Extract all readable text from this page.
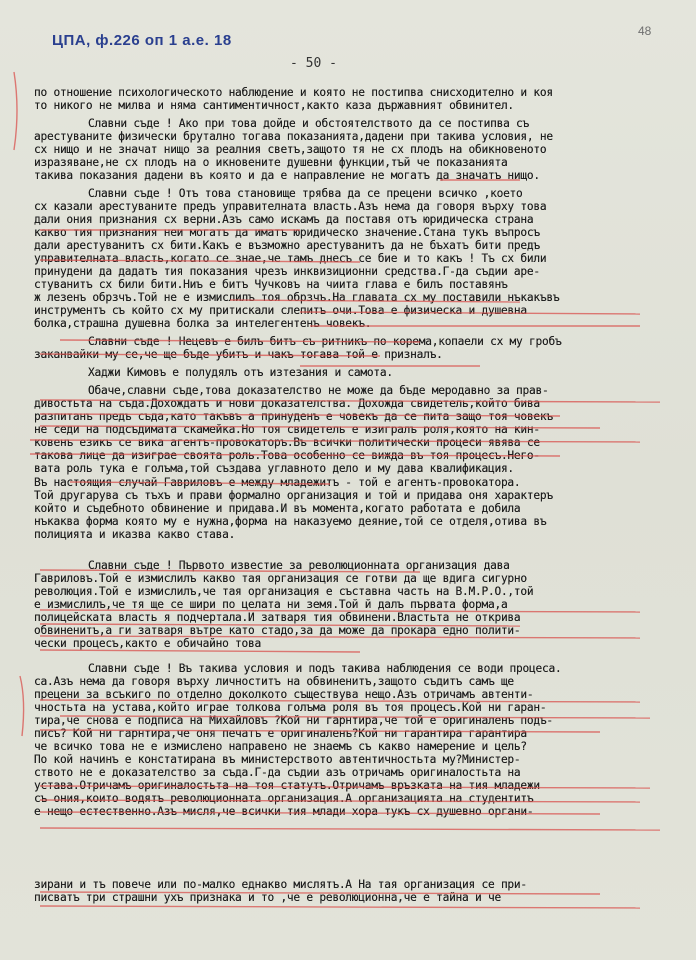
ЦПА, ф.226 оп 1 а.е. 18
48
- 50 -
по отношение психологическото наблюдение и която не постипва снисходително и коя
то никого не милва и няма сантиментичност,както каза държавният обвинител.
Славни съде ! Ако при това дойде и обстоятелството да се постипва съ
арестуваните физически брутално тогава показанията,дадени при такива условия, не
сх нищо и не значат нищо за реалния светъ,защото тя не сх плодъ на обикновеното
изразяване,не сх плодъ на о икновените душевни функции,тъй че показанията
такива показания дадени въ която и да е направление не могатъ да значатъ нищо.
Славни съде ! Отъ това становище трябва да се прецени всичко ,което
сх казали арестуваните предъ управителната власть.Азъ нема да говоря върху това
дали ония признания сх верни.Азъ само искамъ да поставя отъ юридическа страна
какво тия признания неи могатъ да иматъ юридическо значение.Стана тукъ въпросъ
дали арестуванитъ сх бити.Какъ е възможно арестуванитъ да не бъхатъ бити предъ
управителната власть,когато се знае,че тамъ днесъ се бие и то какъ ! Тъ сх били
принудени да дадатъ тия показания чрезъ инквизиционни средства.Г-да съдии аре-
стуванитъ сх били бити.Ниъ е битъ Чучковъ на чиита глава е билъ поставянъ
ж лезенъ обрзчъ.Той не е измислилъ тоя обрзчъ.На главата сх му поставили нъкакъвъ
инструментъ съ който сх му притискали слепитъ очи.Това е физическа и душевна
болка,страшна душевна болка за интелегентенъ човекъ.
Славни съде ! Нецевъ е билъ битъ съ ритникъ по корема,копаели сх му гробъ
заканвайки му се,че ще бъде убитъ и чакъ тогава той е призналъ.
Хаджи Кимовъ е полудялъ отъ изтезания и самота.
Обаче,славни съде,това доказателство не може да бъде меродавно за прав-
дивостьта на съда.Дохождатъ и нови доказателства. Дохожда свидетель,който бива
разпитанъ предъ съда,като такъвъ а принуденъ е човекъ да се пита защо тоя човекъ
не седи на подсъдимата скамейка.Но тоя свидетель е изигралъ роля,която на кин-
ковенъ езикъ се вика агентъ-провокаторъ.Въ всички политически процеси явява се
такова лице да изиграе своята роль.Това особенно се вижда въ тоя процесъ.Него-
вата роль тука е голъма,той създава углавното дело и му дава квалификация.
Въ настоящия случай Гавриловъ е между младежитъ - той е агентъ-провокатора.
Той другарува съ тъхъ и прави формално организация и той и придава оня характеръ
който и съдебното обвинение и придава.И въ момента,когато работата е добила
нъкаква форма която му е нужна,форма на наказуемо деяние,той се отделя,отива въ
полицията и иказва какво става.
Славни съде ! Първото известие за революционната организация дава
Гавриловъ.Той е измислилъ какво тая организация се готви да ще вдига сигурно
революция.Той е измислилъ,че тая организация е съставна часть на В.М.Р.О.,той
е измислилъ,че тя ще се шири по целата ни земя.Той й далъ първата форма,а
полицейската власть я подчертала.И затваря тия обвинени.Властьта не открива
обвиненитъ,а ги затваря вътре като стадо,за да може да прокара едно полити-
чески процесъ,както е обичайно това
Славни съде ! Въ такива условия и подъ такива наблюдения се води процеса.
са.Азъ нема да говоря върху личноститъ на обвиненитъ,защото съдитъ самъ ще
прецени за всъкиго по отделно доколкото съществува нещо.Азъ отричамъ автенти-
чностьта на устава,който играе толкова голъма роля въ тоя процесъ.Кой ни гаран-
тира,че сновa е подписа на Михайловъ ?Кой ни гарнтира,че той е оригиналенъ подъ-
писъ? Кой ни гарнтира,че оня печатъ е оригиналенъ?Кой ни гарантира гарантира
че всичко това не е измислено направено не знаемъ съ какво намерение и цель?
По кой начинъ е констатирана въ министерството автентичностьта му?Министер-
ството не е доказателство за съда.Г-да съдии азъ отричамъ оригиналостьта на
устава.Отричамъ оригиналостьта на тоя статутъ.Отричамъ връзката на тия младежи
съ ония,които водятъ революционната организация.А организацията на студентитъ
е нещо естественно.Азъ мисля,че всички тия млади хора тукъ сх душевно органи-
зирани и тъ повече или по-малко еднакво мислятъ.А На тая организация се при-
писватъ три страшни ухъ признака и то ,че е революционна,че е тайна и че
